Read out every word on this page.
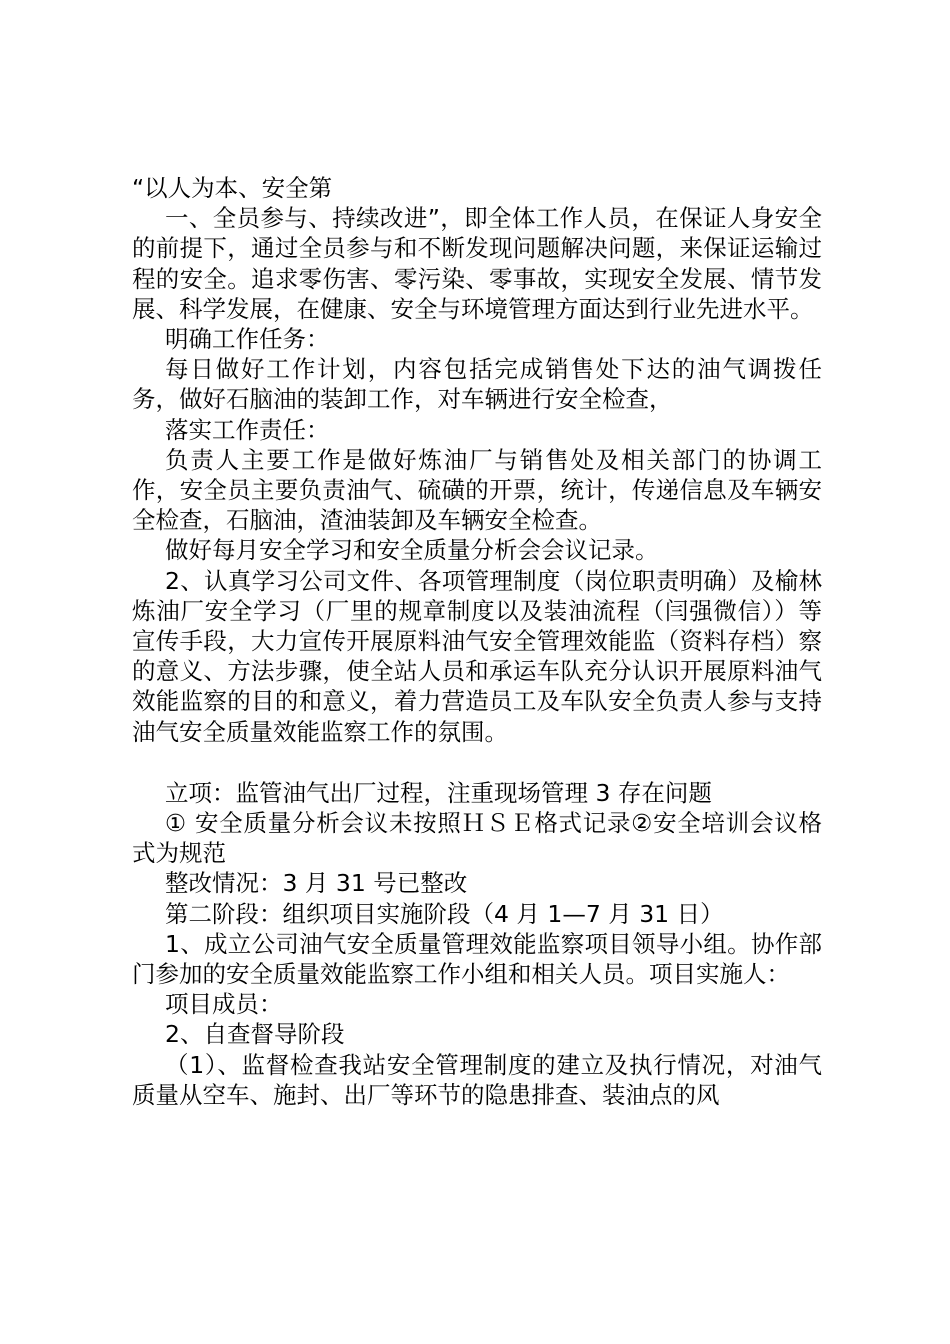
“以人为本、安全第

一、全员参与、持续改进”，即全体工作人员，在保证人身安全的前提下，通过全员参与和不断发现问题解决问题，来保证运输过程的安全。追求零伤害、零污染、零事故，实现安全发展、情节发展、科学发展，在健康、安全与环境管理方面达到行业先进水平。

明确工作任务：

每日做好工作计划，内容包括完成销售处下达的油气调拨任务，做好石脑油的装卸工作，对车辆进行安全检查，

落实工作责任：

负责人主要工作是做好炼油厂与销售处及相关部门的协调工作，安全员主要负责油气、硫磺的开票，统计，传递信息及车辆安全检查，石脑油，渣油装卸及车辆安全检查。

做好每月安全学习和安全质量分析会会议记录。

2、认真学习公司文件、各项管理制度（岗位职责明确）及榆林炼油厂安全学习（厂里的规章制度以及装油流程（闫强微信））等宣传手段，大力宣传开展原料油气安全管理效能监（资料存档）察的意义、方法步骤，使全站人员和承运车队充分认识开展原料油气效能监察的目的和意义，着力营造员工及车队安全负责人参与支持油气安全质量效能监察工作的氛围。

立项：监管油气出厂过程，注重现场管理 3 存在问题

① 安全质量分析会议未按照ＨＳＥ格式记录②安全培训会议格式为规范

整改情况：3 月 31 号已整改

第二阶段：组织项目实施阶段（4 月 1—7 月 31 日）

1、成立公司油气安全质量管理效能监察项目领导小组。协作部门参加的安全质量效能监察工作小组和相关人员。项目实施人：

项目成员：

2、自查督导阶段

（1）、监督检查我站安全管理制度的建立及执行情况，对油气质量从空车、施封、出厂等环节的隐患排查、装油点的风
